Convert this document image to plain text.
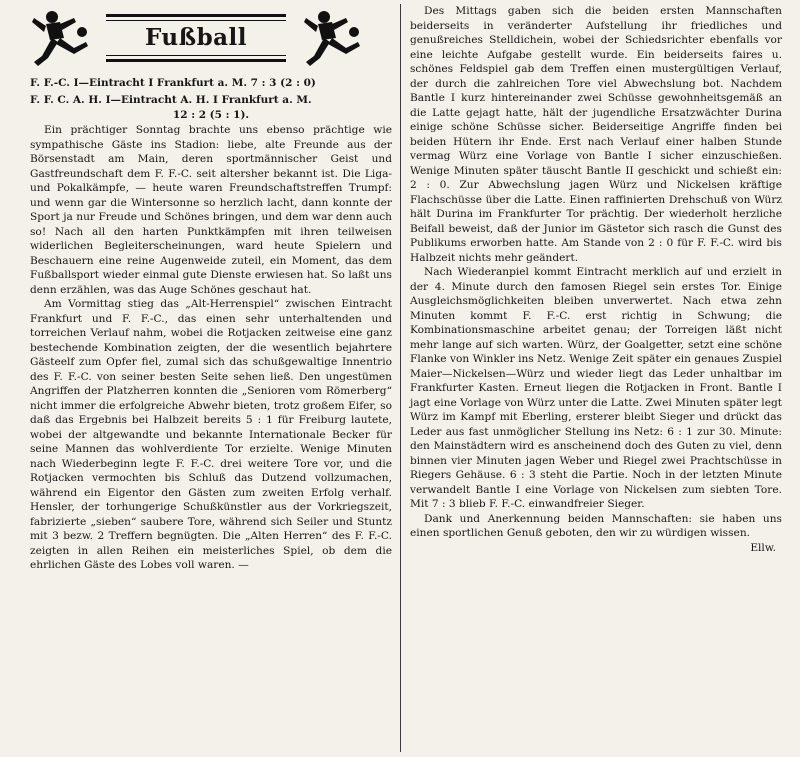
Fußball

F. F.-C. I—Eintracht I Frankfurt a. M. 7 : 3 (2 : 0)

F. F. C. A. H. I—Eintracht A. H. I Frankfurt a. M.
12 : 2 (5 : 1).

Ein prächtiger Sonntag brachte uns ebenso prächtige wie sympathische Gäste ins Stadion: liebe, alte Freunde aus der Börsenstadt am Main, deren sportmännischer Geist und Gastfreundschaft dem F. F.-C. seit altersher bekannt ist. Die Liga- und Pokalkämpfe, — heute waren Freundschaftstreffen Trumpf: und wenn gar die Wintersonne so herzlich lacht, dann konnte der Sport ja nur Freude und Schönes bringen, und dem war denn auch so! Nach all den harten Punktkämpfen mit ihren teilweisen widerlichen Begleiterscheinungen, ward heute Spielern und Beschauern eine reine Augenweide zuteil, ein Moment, das dem Fußballsport wieder einmal gute Dienste erwiesen hat. So laßt uns denn erzählen, was das Auge Schönes geschaut hat.

Am Vormittag stieg das „Alt-Herrenspiel“ zwischen Eintracht Frankfurt und F. F.-C., das einen sehr unterhaltenden und torreichen Verlauf nahm, wobei die Rotjacken zeitweise eine ganz bestechende Kombination zeigten, der die wesentlich bejahrtere Gästeelf zum Opfer fiel, zumal sich das schußgewaltige Innentrio des F. F.-C. von seiner besten Seite sehen ließ. Den ungestümen Angriffen der Platzherren konnten die „Senioren vom Römerberg“ nicht immer die erfolgreiche Abwehr bieten, trotz großem Eifer, so daß das Ergebnis bei Halbzeit bereits 5 : 1 für Freiburg lautete, wobei der altgewandte und bekannte Internationale Becker für seine Mannen das wohlverdiente Tor erzielte. Wenige Minuten nach Wiederbeginn legte F. F.-C. drei weitere Tore vor, und die Rotjacken vermochten bis Schluß das Dutzend vollzumachen, während ein Eigentor den Gästen zum zweiten Erfolg verhalf. Hensler, der torhungerige Schußkünstler aus der Vorkriegszeit, fabrizierte „sieben“ saubere Tore, während sich Seiler und Stuntz mit 3 bezw. 2 Treffern begnügten. Die „Alten Herren“ des F. F.-C. zeigten in allen Reihen ein meisterliches Spiel, ob dem die ehrlichen Gäste des Lobes voll waren. —

Des Mittags gaben sich die beiden ersten Mannschaften beiderseits in veränderter Aufstellung ihr friedliches und genußreiches Stelldichein, wobei der Schiedsrichter ebenfalls vor eine leichte Aufgabe gestellt wurde. Ein beiderseits faires u. schönes Feldspiel gab dem Treffen einen mustergültigen Verlauf, der durch die zahlreichen Tore viel Abwechslung bot. Nachdem Bantle I kurz hintereinander zwei Schüsse gewohnheitsgemäß an die Latte gejagt hatte, hält der jugendliche Ersatzwächter Durina einige schöne Schüsse sicher. Beiderseitige Angriffe finden bei beiden Hütern ihr Ende. Erst nach Verlauf einer halben Stunde vermag Würz eine Vorlage von Bantle I sicher einzuschießen. Wenige Minuten später täuscht Bantle II geschickt und schießt ein: 2 : 0. Zur Abwechslung jagen Würz und Nickelsen kräftige Flachschüsse über die Latte. Einen raffinierten Drehschuß von Würz hält Durina im Frankfurter Tor prächtig. Der wiederholt herzliche Beifall beweist, daß der Junior im Gästetor sich rasch die Gunst des Publikums erworben hatte. Am Stande von 2 : 0 für F. F.-C. wird bis Halbzeit nichts mehr geändert.

Nach Wiederanpiel kommt Eintracht merklich auf und erzielt in der 4. Minute durch den famosen Riegel sein erstes Tor. Einige Ausgleichsmöglichkeiten bleiben unverwertet. Nach etwa zehn Minuten kommt F. F.-C. erst richtig in Schwung; die Kombinationsmaschine arbeitet genau; der Torreigen läßt nicht mehr lange auf sich warten. Würz, der Goalgetter, setzt eine schöne Flanke von Winkler ins Netz. Wenige Zeit später ein genaues Zuspiel Maier—Nickelsen—Würz und wieder liegt das Leder unhaltbar im Frankfurter Kasten. Erneut liegen die Rotjacken in Front. Bantle I jagt eine Vorlage von Würz unter die Latte. Zwei Minuten später legt Würz im Kampf mit Eberling, ersterer bleibt Sieger und drückt das Leder aus fast unmöglicher Stellung ins Netz: 6 : 1 zur 30. Minute: den Mainstädtern wird es anscheinend doch des Guten zu viel, denn binnen vier Minuten jagen Weber und Riegel zwei Prachtschüsse in Riegers Gehäuse. 6 : 3 steht die Partie. Noch in der letzten Minute verwandelt Bantle I eine Vorlage von Nickelsen zum siebten Tore. Mit 7 : 3 blieb F. F.-C. einwandfreier Sieger.

Dank und Anerkennung beiden Mannschaften: sie haben uns einen sportlichen Genuß geboten, den wir zu würdigen wissen.

Ellw.
